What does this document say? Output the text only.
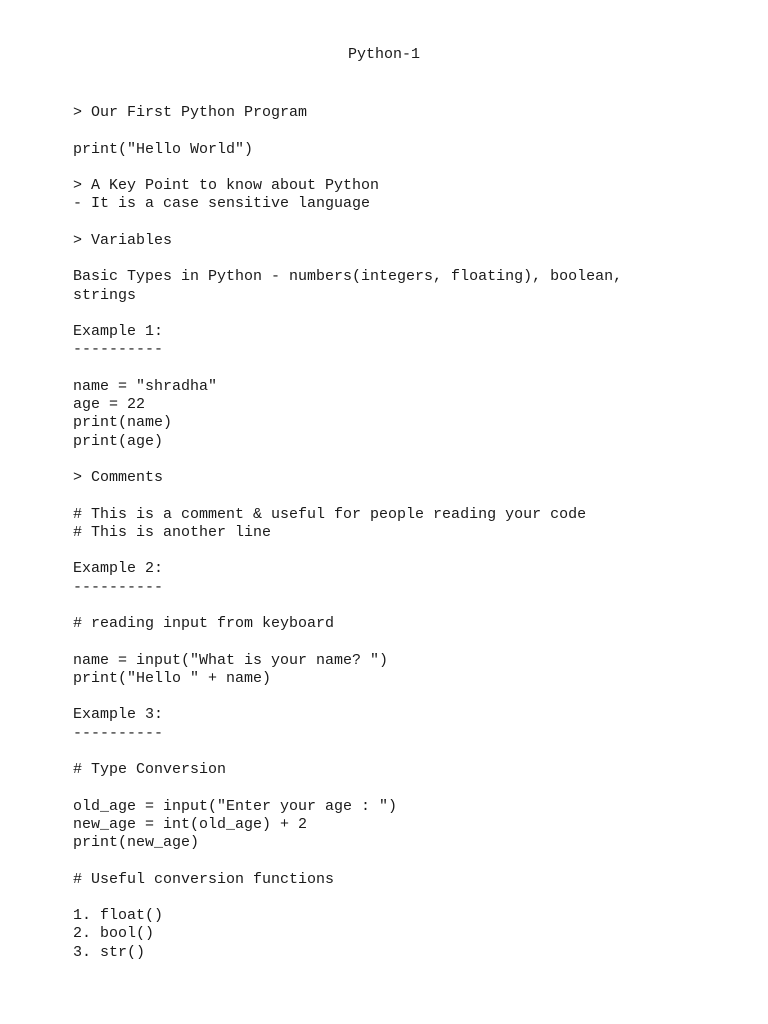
Python-1
> Our First Python Program
print("Hello World")
> A Key Point to know about Python
- It is a case sensitive language
> Variables
Basic Types in Python - numbers(integers, floating), boolean,
strings
Example 1:
----------
name = "shradha"
age = 22
print(name)
print(age)
> Comments
# This is a comment & useful for people reading your code
# This is another line
Example 2:
----------
# reading input from keyboard
name = input("What is your name? ")
print("Hello " + name)
Example 3:
----------
# Type Conversion
old_age = input("Enter your age : ")
new_age = int(old_age) + 2
print(new_age)
# Useful conversion functions
1. float()
2. bool()
3. str()
